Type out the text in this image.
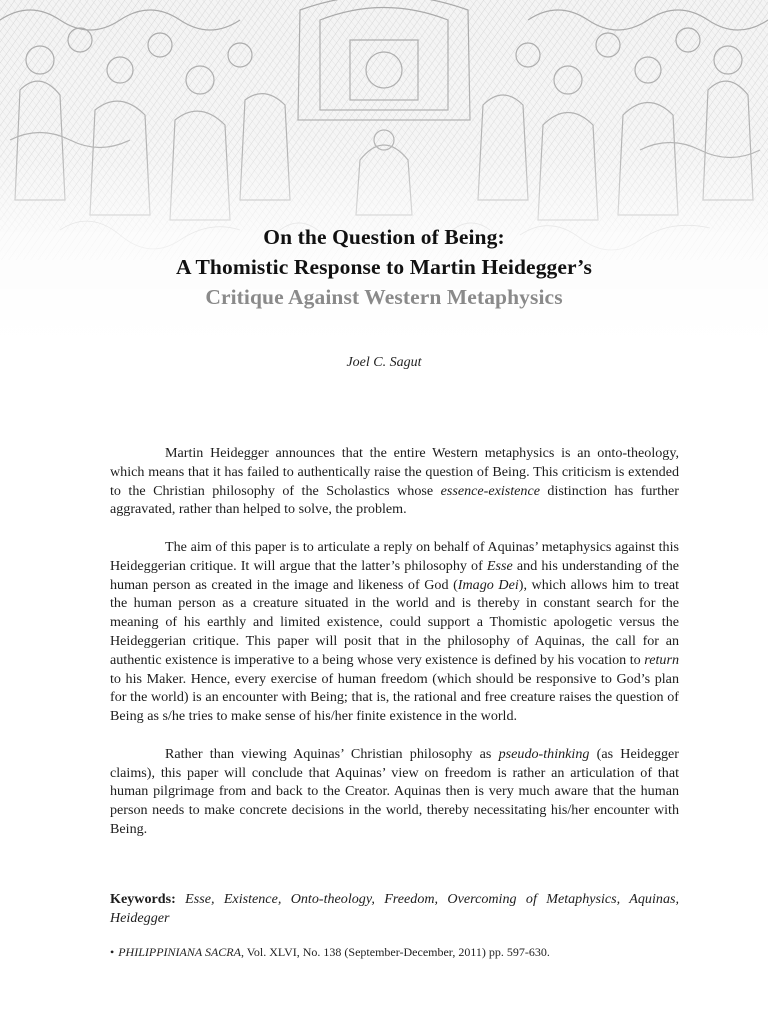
On the Question of Being:
A Thomistic Response to Martin Heidegger’s
Critique Against Western Metaphysics
Joel C. Sagut

Martin Heidegger announces that the entire Western metaphysics is an onto-theology, which means that it has failed to authentically raise the question of Being. This criticism is extended to the Christian philosophy of the Scholastics whose essence-existence distinction has further aggravated, rather than helped to solve, the problem.

The aim of this paper is to articulate a reply on behalf of Aquinas’ metaphysics against this Heideggerian critique. It will argue that the latter’s philosophy of Esse and his understanding of the human person as created in the image and likeness of God (Imago Dei), which allows him to treat the human person as a creature situated in the world and is thereby in constant search for the meaning of his earthly and limited existence, could support a Thomistic apologetic versus the Heideggerian critique. This paper will posit that in the philosophy of Aquinas, the call for an authentic existence is imperative to a being whose very existence is defined by his vocation to return to his Maker. Hence, every exercise of human freedom (which should be responsive to God’s plan for the world) is an encounter with Being; that is, the rational and free creature raises the question of Being as s/he tries to make sense of his/her finite existence in the world.

Rather than viewing Aquinas’ Christian philosophy as pseudo-thinking (as Heidegger claims), this paper will conclude that Aquinas’ view on freedom is rather an articulation of that human pilgrimage from and back to the Creator. Aquinas then is very much aware that the human person needs to make concrete decisions in the world, thereby necessitating his/her encounter with Being.

Keywords: Esse, Existence, Onto-theology, Freedom, Overcoming of Metaphysics, Aquinas, Heidegger
• PHILIPPINIANA SACRA, Vol. XLVI, No. 138 (September-December, 2011) pp. 597-630.
